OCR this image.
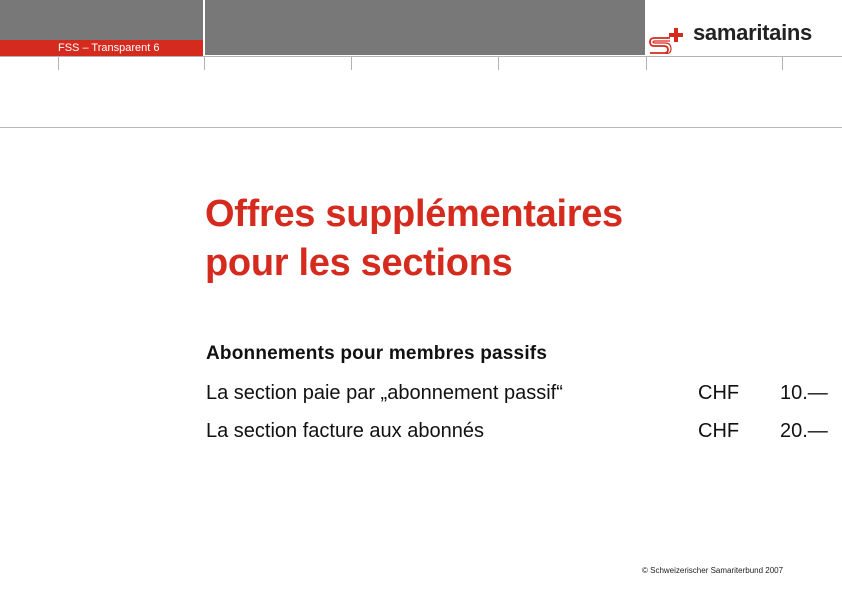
FSS – Transparent 6
samaritains
Offres supplémentaires
pour les sections
Abonnements pour membres passifs
La section paie par „abonnement passif“	CHF 10.—
La section facture aux abonnés	CHF 20.—
© Schweizerischer Samariterbund 2007
